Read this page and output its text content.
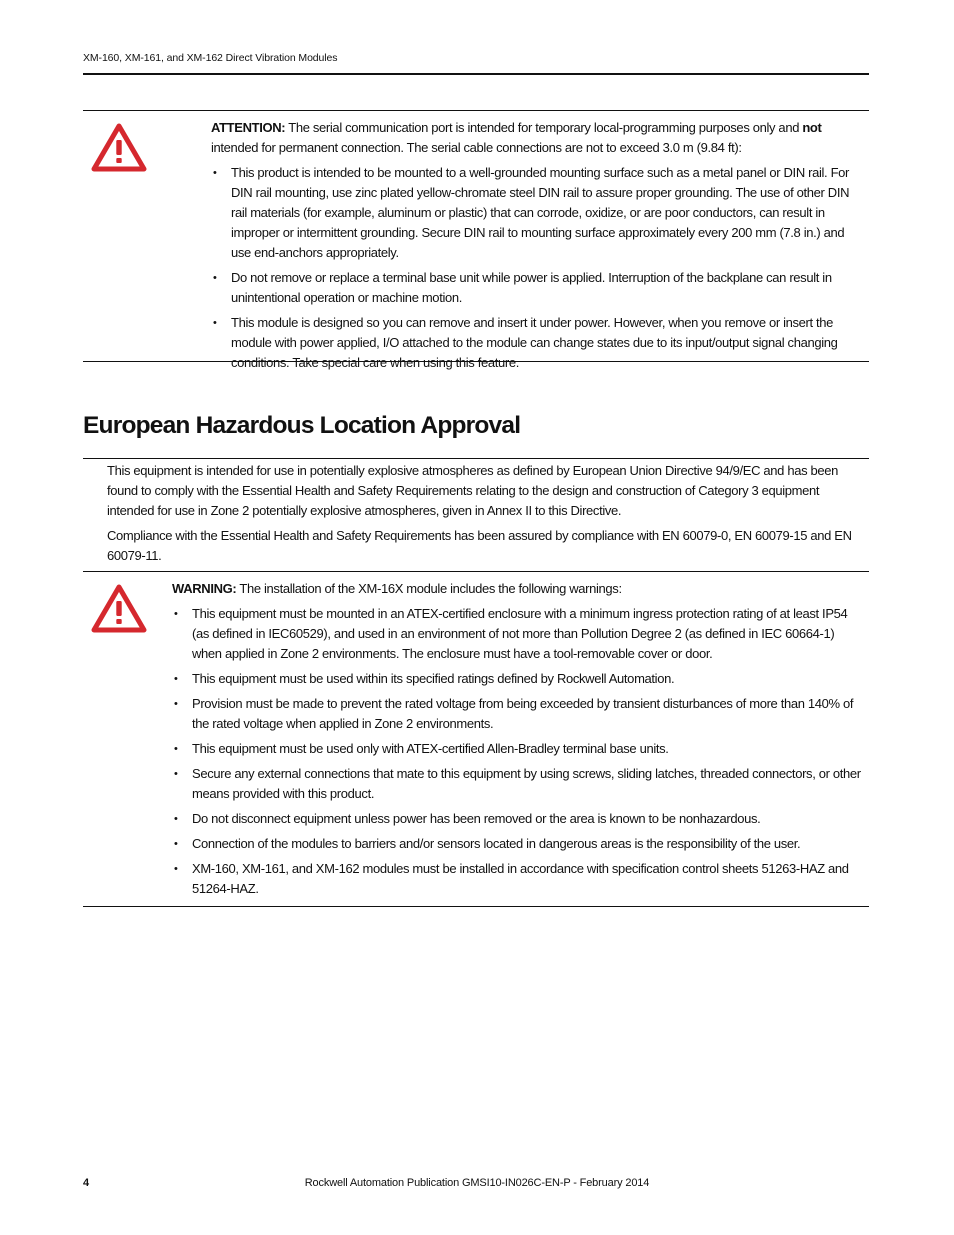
XM-160, XM-161, and XM-162 Direct Vibration Modules

ATTENTION: The serial communication port is intended for temporary local-programming purposes only and not intended for permanent connection. The serial cable connections are not to exceed 3.0 m (9.84 ft):

• This product is intended to be mounted to a well-grounded mounting surface such as a metal panel or DIN rail. For DIN rail mounting, use zinc plated yellow-chromate steel DIN rail to assure proper grounding. The use of other DIN rail materials (for example, aluminum or plastic) that can corrode, oxidize, or are poor conductors, can result in improper or intermittent grounding. Secure DIN rail to mounting surface approximately every 200 mm (7.8 in.) and use end-anchors appropriately.
• Do not remove or replace a terminal base unit while power is applied. Interruption of the backplane can result in unintentional operation or machine motion.
• This module is designed so you can remove and insert it under power. However, when you remove or insert the module with power applied, I/O attached to the module can change states due to its input/output signal changing conditions. Take special care when using this feature.
European Hazardous Location Approval

This equipment is intended for use in potentially explosive atmospheres as defined by European Union Directive 94/9/EC and has been found to comply with the Essential Health and Safety Requirements relating to the design and construction of Category 3 equipment intended for use in Zone 2 potentially explosive atmospheres, given in Annex II to this Directive.

Compliance with the Essential Health and Safety Requirements has been assured by compliance with EN 60079-0, EN 60079-15 and EN 60079-11.

WARNING: The installation of the XM-16X module includes the following warnings:

• This equipment must be mounted in an ATEX-certified enclosure with a minimum ingress protection rating of at least IP54 (as defined in IEC60529), and used in an environment of not more than Pollution Degree 2 (as defined in IEC 60664-1) when applied in Zone 2 environments. The enclosure must have a tool-removable cover or door.
• This equipment must be used within its specified ratings defined by Rockwell Automation.
• Provision must be made to prevent the rated voltage from being exceeded by transient disturbances of more than 140% of the rated voltage when applied in Zone 2 environments.
• This equipment must be used only with ATEX-certified Allen-Bradley terminal base units.
• Secure any external connections that mate to this equipment by using screws, sliding latches, threaded connectors, or other means provided with this product.
• Do not disconnect equipment unless power has been removed or the area is known to be nonhazardous.
• Connection of the modules to barriers and/or sensors located in dangerous areas is the responsibility of the user.
• XM-160, XM-161, and XM-162 modules must be installed in accordance with specification control sheets 51263-HAZ and 51264-HAZ.
4	Rockwell Automation Publication GMSI10-IN026C-EN-P - February 2014
